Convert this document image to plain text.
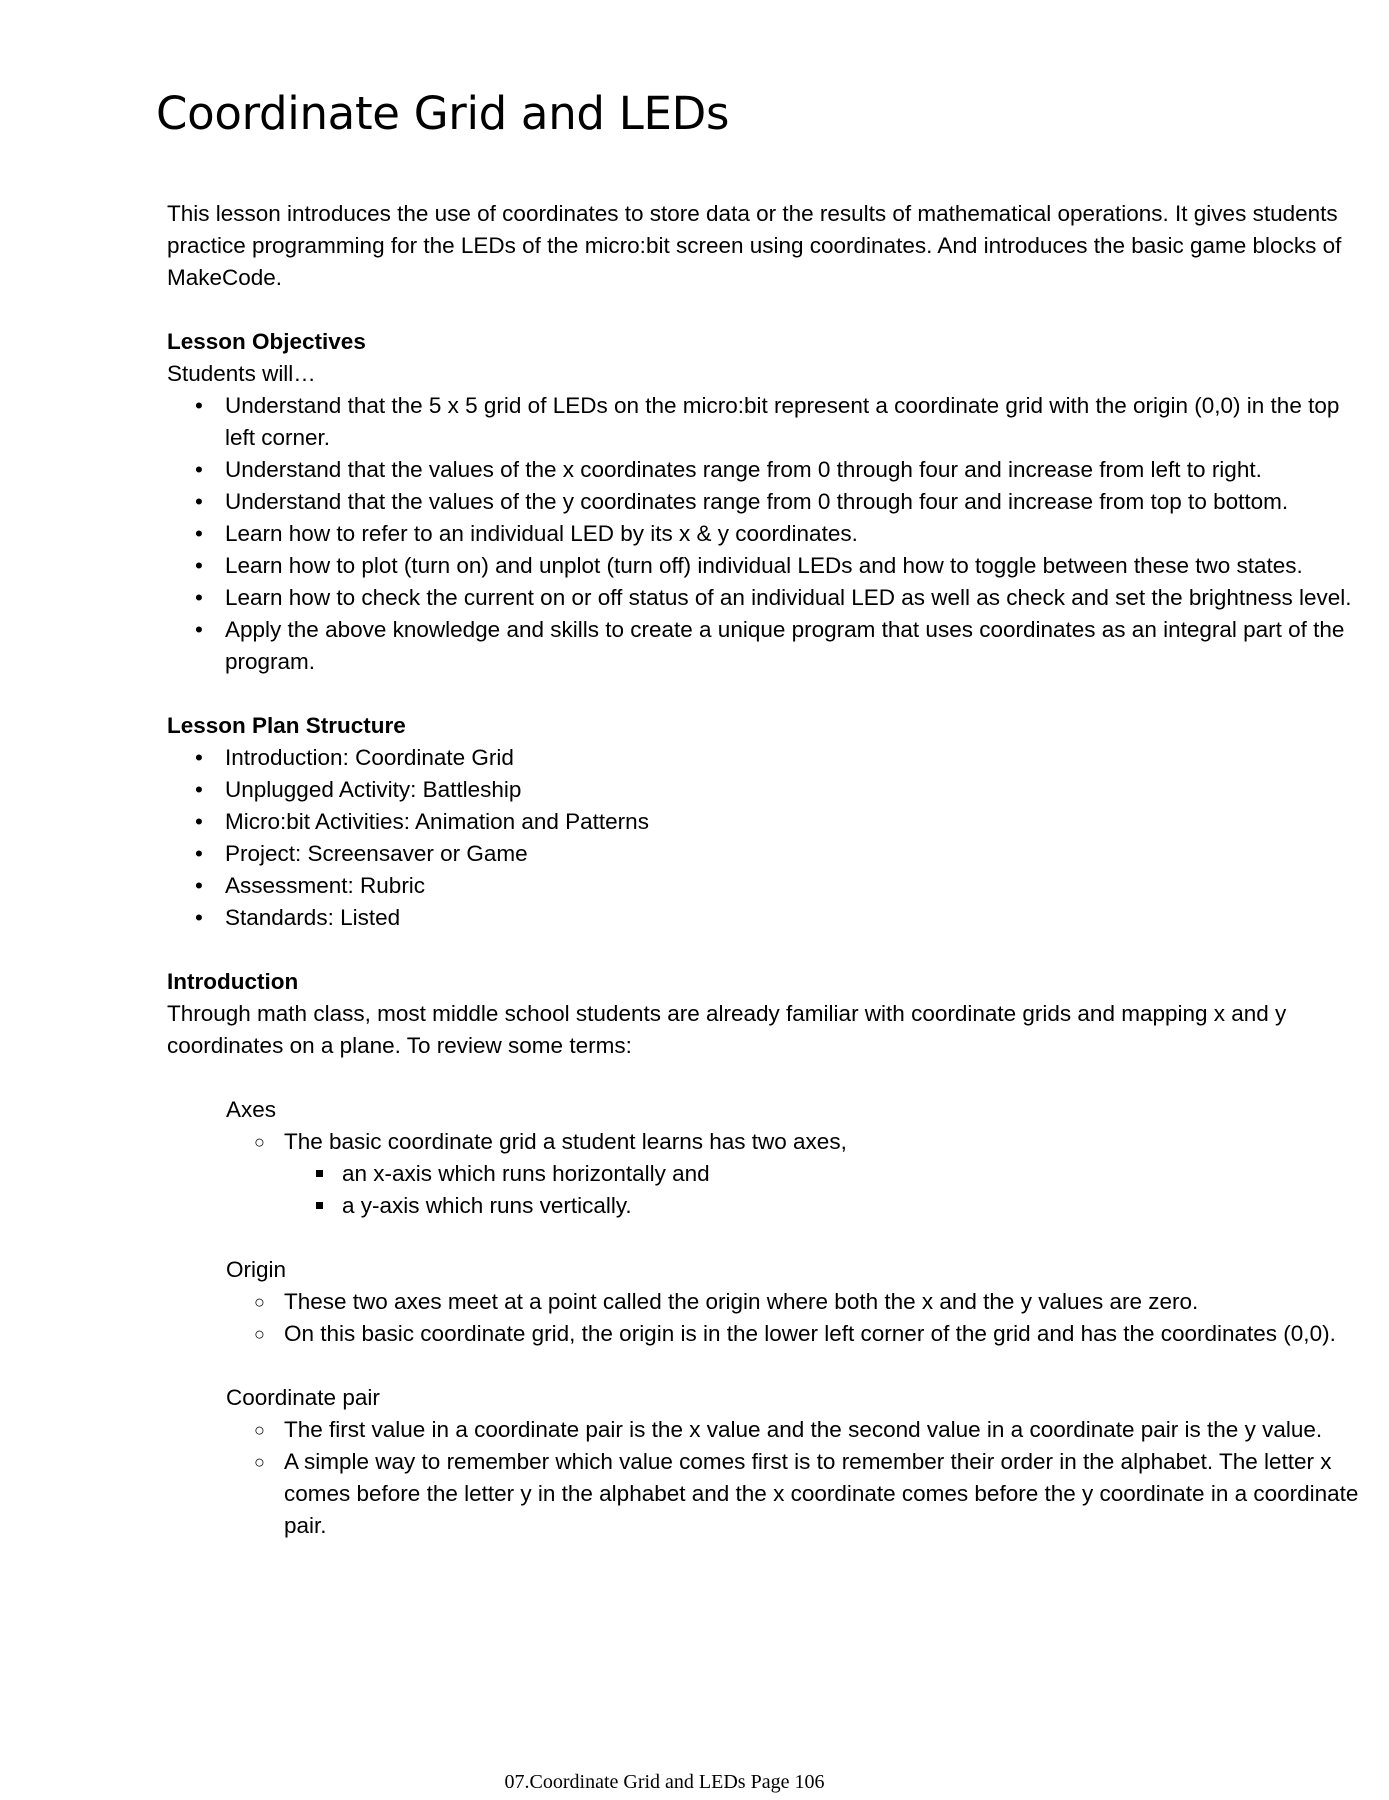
Coordinate Grid and LEDs

This lesson introduces the use of coordinates to store data or the results of mathematical operations. It gives students practice programming for the LEDs of the micro:bit screen using coordinates. And introduces the basic game blocks of MakeCode.

Lesson Objectives

Students will…

• Understand that the 5 x 5 grid of LEDs on the micro:bit represent a coordinate grid with the origin (0,0) in the top left corner.
• Understand that the values of the x coordinates range from 0 through four and increase from left to right.
• Understand that the values of the y coordinates range from 0 through four and increase from top to bottom.
• Learn how to refer to an individual LED by its x & y coordinates.
• Learn how to plot (turn on) and unplot (turn off) individual LEDs and how to toggle between these two states.
• Learn how to check the current on or off status of an individual LED as well as check and set the brightness level.
• Apply the above knowledge and skills to create a unique program that uses coordinates as an integral part of the program.

Lesson Plan Structure

• Introduction: Coordinate Grid
• Unplugged Activity: Battleship
• Micro:bit Activities: Animation and Patterns
• Project: Screensaver or Game
• Assessment: Rubric
• Standards: Listed

Introduction

Through math class, most middle school students are already familiar with coordinate grids and mapping x and y coordinates on a plane. To review some terms:

Axes

○ The basic coordinate grid a student learns has two axes,
an x-axis which runs horizontally and
a y-axis which runs vertically.

Origin

○ These two axes meet at a point called the origin where both the x and the y values are zero.
○ On this basic coordinate grid, the origin is in the lower left corner of the grid and has the coordinates (0,0).

Coordinate pair

○ The first value in a coordinate pair is the x value and the second value in a coordinate pair is the y value.
○ A simple way to remember which value comes first is to remember their order in the alphabet. The letter x comes before the letter y in the alphabet and the x coordinate comes before the y coordinate in a coordinate pair.
07.Coordinate Grid and LEDs Page 106
